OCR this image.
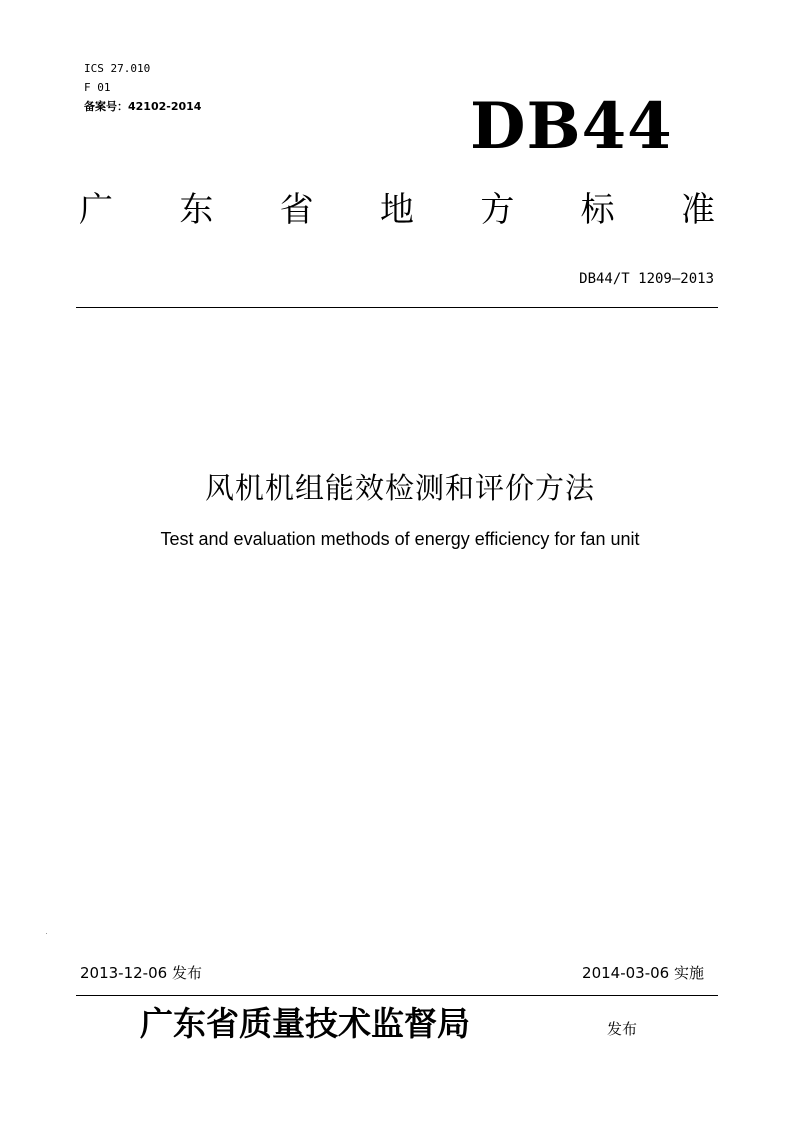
ICS 27.010
F 01
备案号：42102-2014	DB44
广 东 省 地 方 标 准
DB44/T 1209—2013
风机机组能效检测和评价方法
Test and evaluation methods of energy efficiency for fan unit
2013-12-06 发布	2014-03-06 实施
广东省质量技术监督局	发布
